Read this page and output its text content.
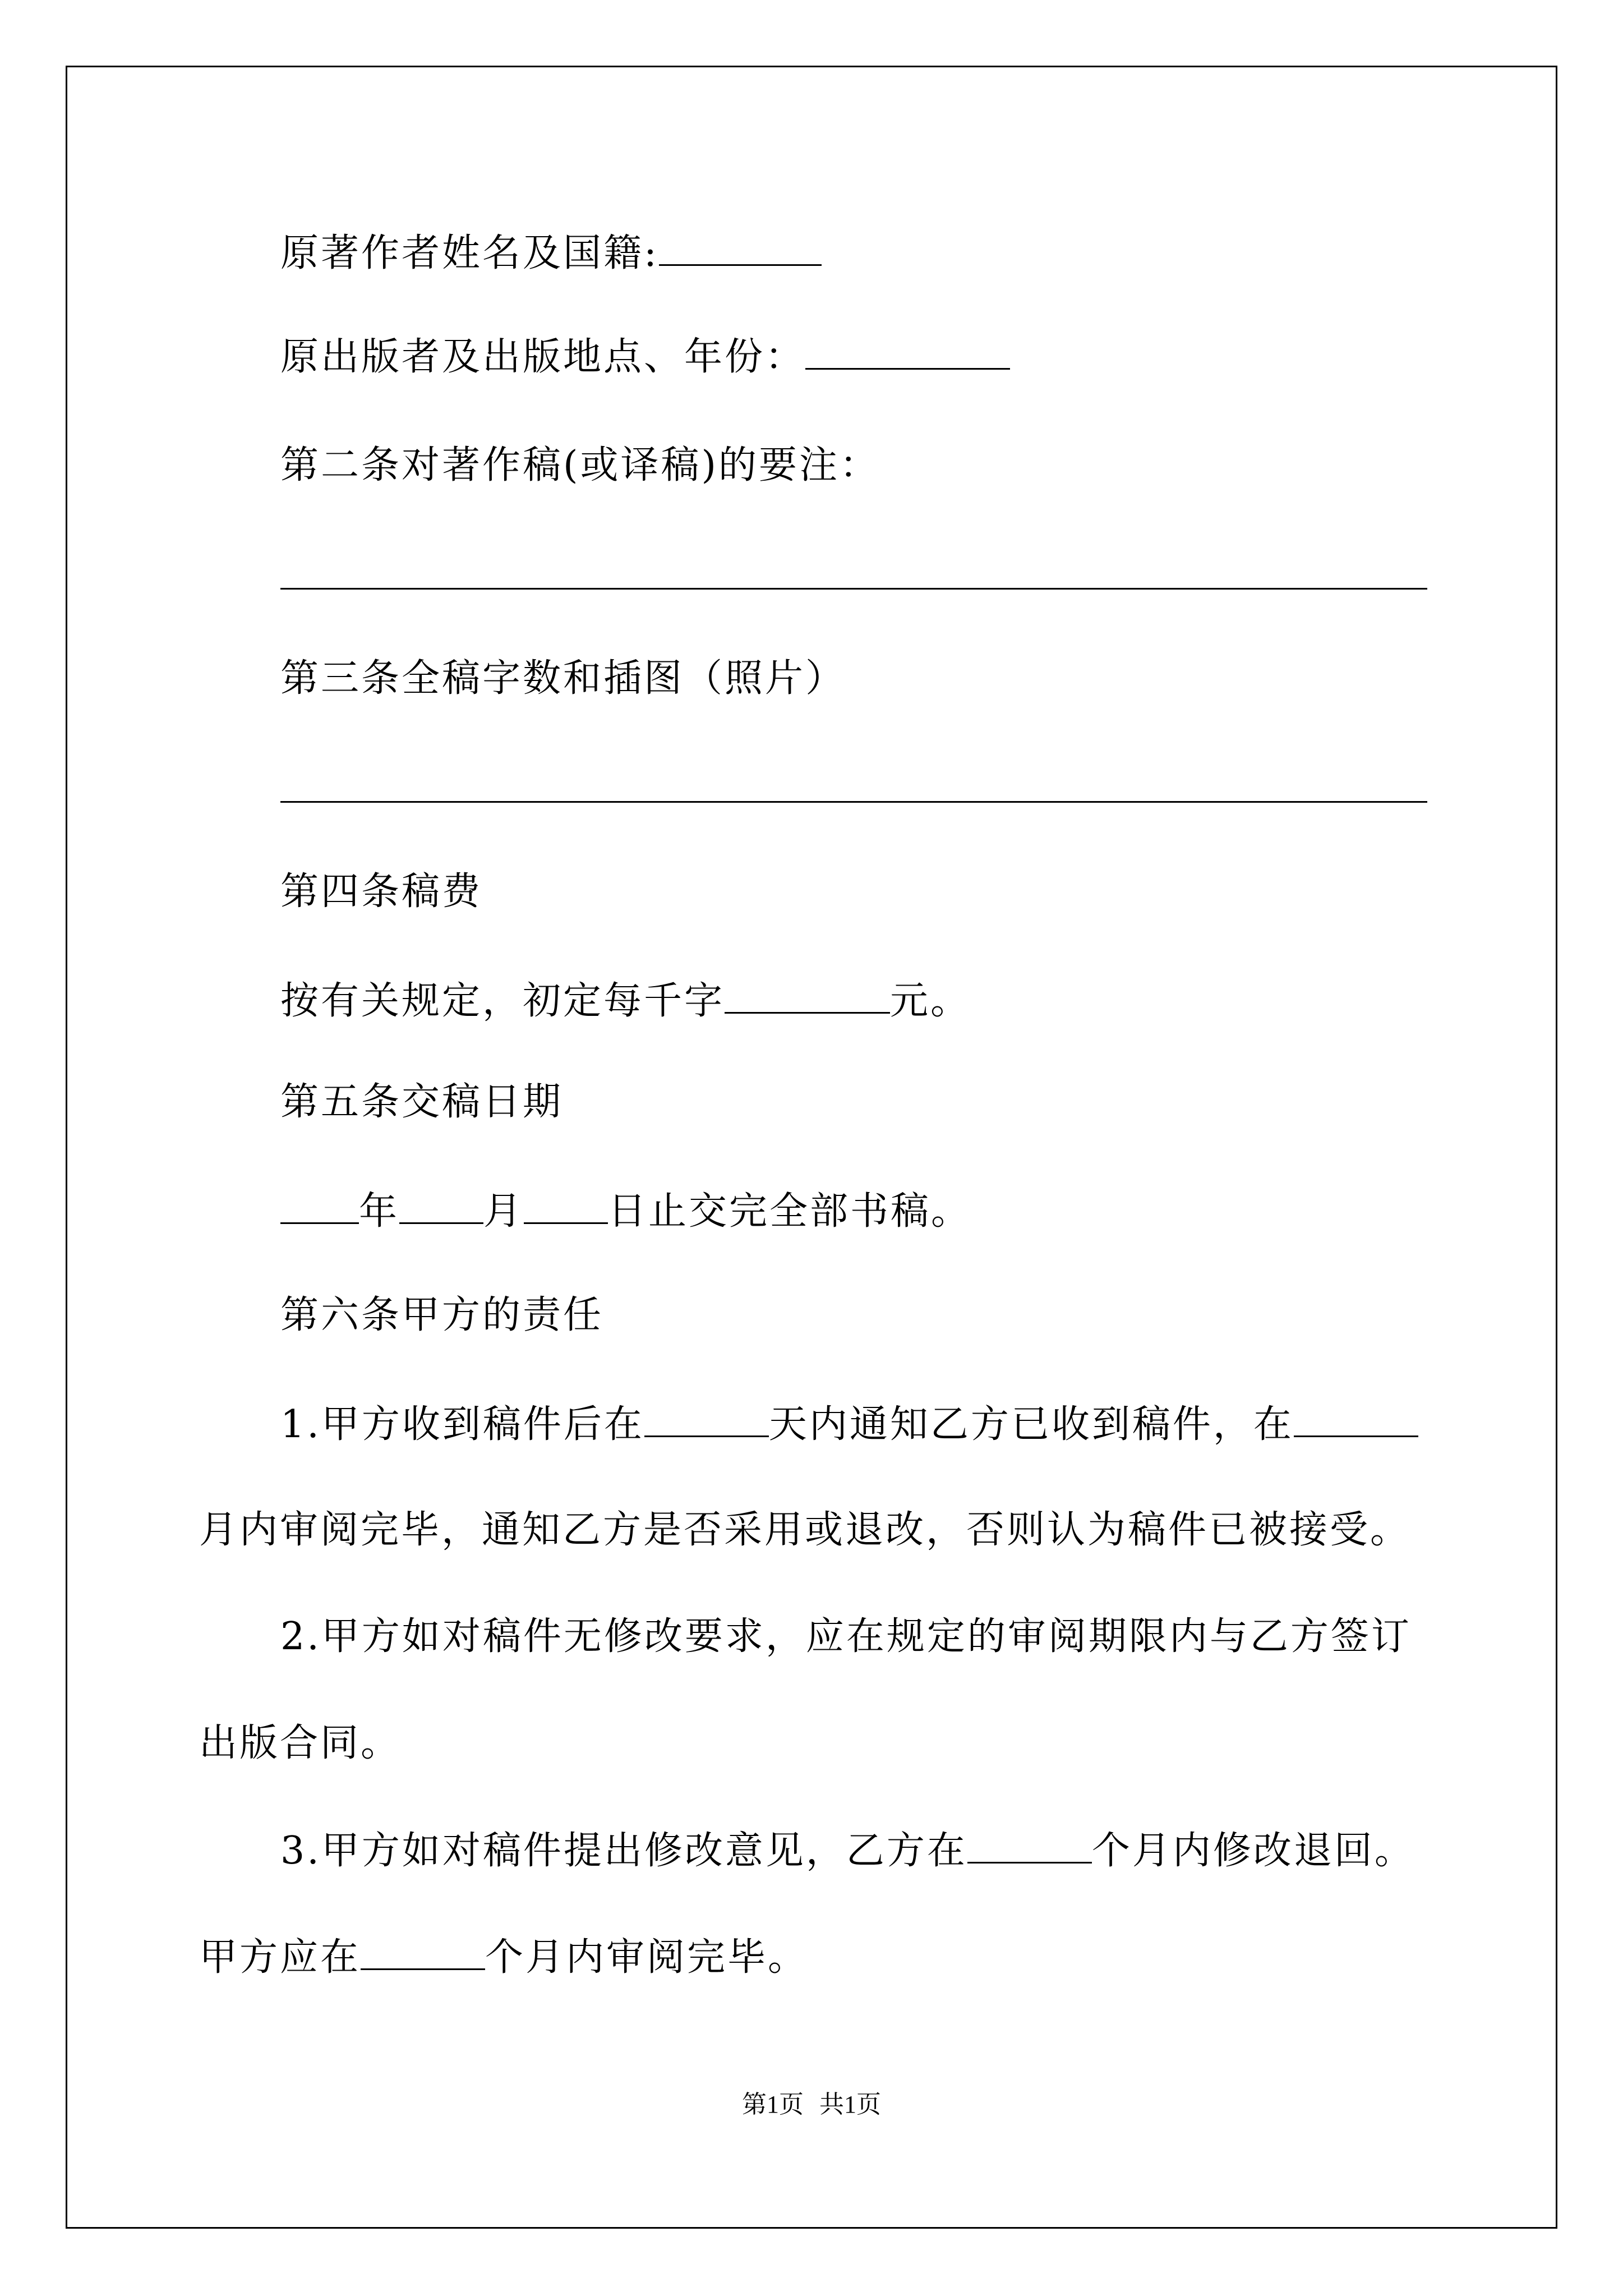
原著作者姓名及国籍:
原出版者及出版地点、年份：
第二条对著作稿(或译稿)的要注：
第三条全稿字数和插图（照片）
第四条稿费
按有关规定，初定每千字	元。
第五条交稿日期
年 月 日止交完全部书稿。
第六条甲方的责任
1.甲方收到稿件后在	天内通知乙方已收到稿件，在
月内审阅完毕，通知乙方是否采用或退改，否则认为稿件已被接受。
2.甲方如对稿件无修改要求，应在规定的审阅期限内与乙方签订
出版合同。
3.甲方如对稿件提出修改意见，乙方在	个月内修改退回。
甲方应在	个月内审阅完毕。
第1页 共1页
